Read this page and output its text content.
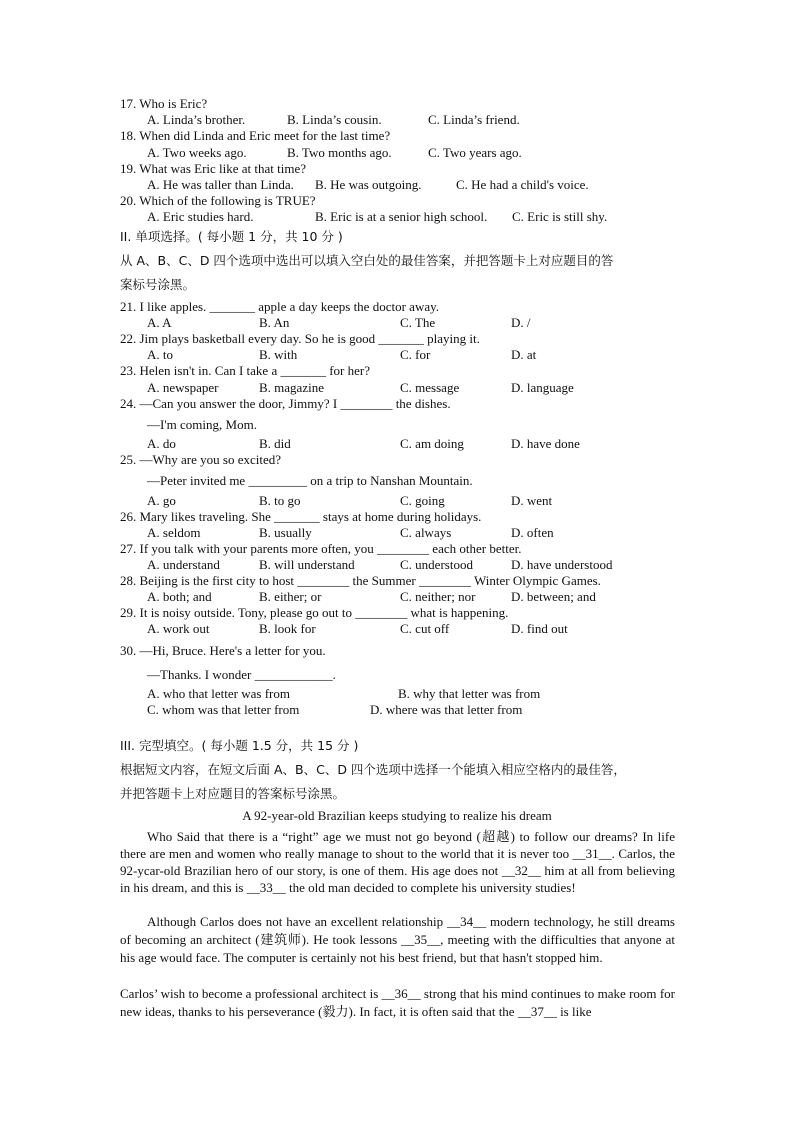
17. Who is Eric?
A. Linda’s brother.	B. Linda’s cousin.	C. Linda’s friend.
18. When did Linda and Eric meet for the last time?
A. Two weeks ago.	B. Two months ago.	C. Two years ago.
19. What was Eric like at that time?
A. He was taller than Linda. B. He was outgoing.	C. He had a child's voice.
20. Which of the following is TRUE?
A. Eric studies hard.	B. Eric is at a senior high school. C. Eric is still shy.
II. 单项选择。( 每小题 1 分，共 10 分 )
从 A、B、C、D 四个选项中选出可以填入空白处的最佳答案，并把答题卡上对应题目的答
案标号涂黑。
21. I like apples. _______ apple a day keeps the doctor away.
A. A	B. An	C. The	D. /
22. Jim plays basketball every day. So he is good _______ playing it.
A. to	B. with	C. for	D. at
23. Helen isn't in. Can I take a _______ for her?
A. newspaper	B. magazine	C. message	D. language
24. —Can you answer the door, Jimmy? I ________ the dishes.
—I'm coming, Mom.
A. do	B. did	C. am doing	D. have done
25. —Why are you so excited?
—Peter invited me _________ on a trip to Nanshan Mountain.
A. go	B. to go	C. going	D. went
26. Mary likes traveling. She _______ stays at home during holidays.
A. seldom	B. usually	C. always	D. often
27. If you talk with your parents more often, you ________ each other better.
A. understand	B. will understand	C. understood	D. have understood
28. Beijing is the first city to host ________ the Summer ________ Winter Olympic Games.
A. both; and	B. either; or	C. neither; nor	D. between; and
29. It is noisy outside. Tony, please go out to ________ what is happening.
A. work out	B. look for	C. cut off	D. find out
30. —Hi, Bruce. Here's a letter for you.
—Thanks. I wonder ____________.
A. who that letter was from	B. why that letter was from
C. whom was that letter from	D. where was that letter from
III. 完型填空。( 每小题 1.5 分，共 15 分 )
根据短文内容，在短文后面 A、B、C、D 四个选项中选择一个能填入相应空格内的最佳答，
并把答题卡上对应题目的答案标号涂黑。
A 92-year-old Brazilian keeps studying to realize his dream
Who Said that there is a “right” age we must not go beyond (超越) to follow our dreams? In life there are men and women who really manage to shout to the world that it is never too __31__. Carlos, the 92-ycar-old Brazilian hero of our story, is one of them. His age does not __32__ him at all from believing in his dream, and this is __33__ the old man decided to complete his university studies!
Although Carlos does not have an excellent relationship __34__ modern technology, he still dreams of becoming an architect (建筑师). He took lessons __35__, meeting with the difficulties that anyone at his age would face. The computer is certainly not his best friend, but that hasn't stopped him.
Carlos’ wish to become a professional architect is __36__ strong that his mind continues to make room for new ideas, thanks to his perseverance (毅力). In fact, it is often said that the __37__ is like
